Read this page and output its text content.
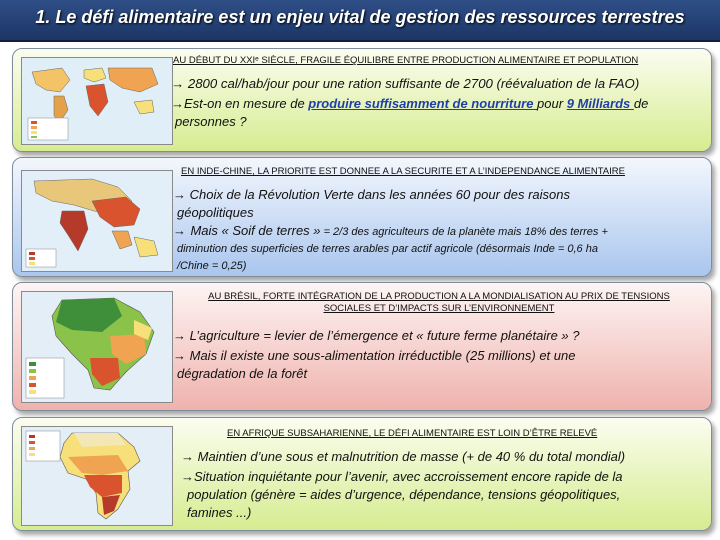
1. Le défi alimentaire est un enjeu vital de gestion des ressources terrestres
AU DÉBUT DU XXIᵉ SIÈCLE, FRAGILE ÉQUILIBRE ENTRE PRODUCTION ALIMENTAIRE ET POPULATION
→ 2800 cal/hab/jour pour une ration suffisante de 2700 (réévaluation de la FAO)
→Est-on en mesure de produire suffisamment de nourriture pour 9 Milliards de
personnes ?
EN INDE-CHINE, LA PRIORITE EST DONNEE A LA SECURITE ET A L’INDEPENDANCE ALIMENTAIRE
→ Choix de la Révolution Verte dans les années 60 pour des raisons
géopolitiques
→ Mais « Soif de terres » = 2/3 des agriculteurs de la planète mais 18% des terres +
diminution des superficies de terres arables par actif agricole (désormais Inde = 0,6 ha
/Chine = 0,25)
AU BRÉSIL, FORTE INTÉGRATION DE LA PRODUCTION A LA MONDIALISATION AU PRIX DE TENSIONS
SOCIALES ET D’IMPACTS SUR L’ENVIRONNEMENT
→ L’agriculture = levier de l’émergence et « future ferme planétaire » ?
→ Mais il existe une sous-alimentation irréductible (25 millions) et une
dégradation de la forêt
EN AFRIQUE SUBSAHARIENNE, LE DÉFI ALIMENTAIRE EST LOIN D’ÊTRE RELEVÉ
→ Maintien d’une sous et malnutrition de masse (+ de 40 % du total mondial)
→Situation inquiétante pour l’avenir, avec accroissement encore rapide de la
population (génère = aides d’urgence, dépendance, tensions géopolitiques,
famines ...)
